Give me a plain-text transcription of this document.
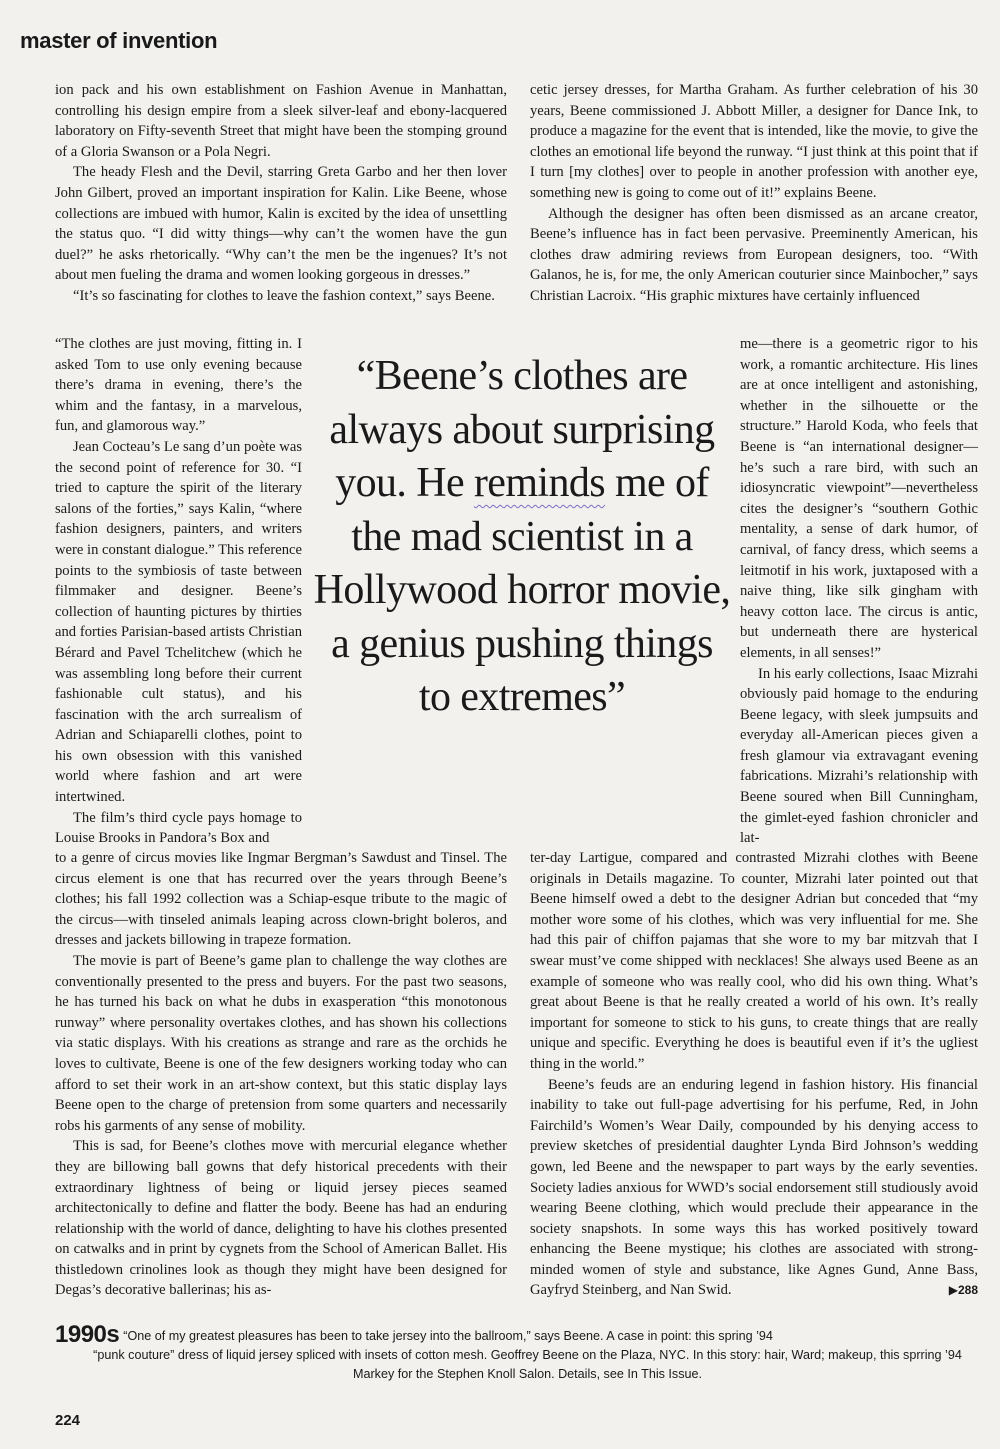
master of invention

ion pack and his own establishment on Fashion Avenue in Manhattan, controlling his design empire from a sleek silver-leaf and ebony-lacquered laboratory on Fifty-seventh Street that might have been the stomping ground of a Gloria Swanson or a Pola Negri.

The heady Flesh and the Devil, starring Greta Garbo and her then lover John Gilbert, proved an important inspiration for Kalin. Like Beene, whose collections are imbued with humor, Kalin is excited by the idea of unsettling the status quo. “I did witty things—why can’t the women have the gun duel?” he asks rhetorically. “Why can’t the men be the ingenues? It’s not about men fueling the drama and women looking gorgeous in dresses.”

“It’s so fascinating for clothes to leave the fashion context,” says Beene.

cetic jersey dresses, for Martha Graham. As further celebration of his 30 years, Beene commissioned J. Abbott Miller, a designer for Dance Ink, to produce a magazine for the event that is intended, like the movie, to give the clothes an emotional life beyond the runway. “I just think at this point that if I turn [my clothes] over to people in another profession with another eye, something new is going to come out of it!” explains Beene.

Although the designer has often been dismissed as an arcane creator, Beene’s influence has in fact been pervasive. Preeminently American, his clothes draw admiring reviews from European designers, too. “With Galanos, he is, for me, the only American couturier since Mainbocher,” says Christian Lacroix. “His graphic mixtures have certainly influenced

“The clothes are just moving, fitting in. I asked Tom to use only evening because there’s drama in evening, there’s the whim and the fantasy, in a marvelous, fun, and glamorous way.”

Jean Cocteau’s Le sang d’un poète was the second point of reference for 30. “I tried to capture the spirit of the literary salons of the forties,” says Kalin, “where fashion designers, painters, and writers were in constant dialogue.” This reference points to the symbiosis of taste between filmmaker and designer. Beene’s collection of haunting pictures by thirties and forties Parisian-based artists Christian Bérard and Pavel Tchelitchew (which he was assembling long before their current fashionable cult status), and his fascination with the arch surrealism of Adrian and Schiaparelli clothes, point to his own obsession with this vanished world where fashion and art were intertwined.

The film’s third cycle pays homage to Louise Brooks in Pandora’s Box and

“Beene’s clothes are always about surprising you. He reminds me of the mad scientist in a Hollywood horror movie, a genius pushing things to extremes”

me—there is a geometric rigor to his work, a romantic architecture. His lines are at once intelligent and astonishing, whether in the silhouette or the structure.” Harold Koda, who feels that Beene is “an international designer—he’s such a rare bird, with such an idiosyncratic viewpoint”—nevertheless cites the designer’s “southern Gothic mentality, a sense of dark humor, of carnival, of fancy dress, which seems a leitmotif in his work, juxtaposed with a naive thing, like silk gingham with heavy cotton lace. The circus is antic, but underneath there are hysterical elements, in all senses!”

In his early collections, Isaac Mizrahi obviously paid homage to the enduring Beene legacy, with sleek jumpsuits and everyday all-American pieces given a fresh glamour via extravagant evening fabrications. Mizrahi’s relationship with Beene soured when Bill Cunningham, the gimlet-eyed fashion chronicler and lat-

to a genre of circus movies like Ingmar Bergman’s Sawdust and Tinsel. The circus element is one that has recurred over the years through Beene’s clothes; his fall 1992 collection was a Schiap-esque tribute to the magic of the circus—with tinseled animals leaping across clown-bright boleros, and dresses and jackets billowing in trapeze formation.

The movie is part of Beene’s game plan to challenge the way clothes are conventionally presented to the press and buyers. For the past two seasons, he has turned his back on what he dubs in exasperation “this monotonous runway” where personality overtakes clothes, and has shown his collections via static displays. With his creations as strange and rare as the orchids he loves to cultivate, Beene is one of the few designers working today who can afford to set their work in an art-show context, but this static display lays Beene open to the charge of pretension from some quarters and necessarily robs his garments of any sense of mobility.

This is sad, for Beene’s clothes move with mercurial elegance whether they are billowing ball gowns that defy historical precedents with their extraordinary lightness of being or liquid jersey pieces seamed architectonically to define and flatter the body. Beene has had an enduring relationship with the world of dance, delighting to have his clothes presented on catwalks and in print by cygnets from the School of American Ballet. His thistledown crinolines look as though they might have been designed for Degas’s decorative ballerinas; his as-

ter-day Lartigue, compared and contrasted Mizrahi clothes with Beene originals in Details magazine. To counter, Mizrahi later pointed out that Beene himself owed a debt to the designer Adrian but conceded that “my mother wore some of his clothes, which was very influential for me. She had this pair of chiffon pajamas that she wore to my bar mitzvah that I swear must’ve come shipped with necklaces! She always used Beene as an example of someone who was really cool, who did his own thing. What’s great about Beene is that he really created a world of his own. It’s really important for someone to stick to his guns, to create things that are really unique and specific. Everything he does is beautiful even if it’s the ugliest thing in the world.”

Beene’s feuds are an enduring legend in fashion history. His financial inability to take out full-page advertising for his perfume, Red, in John Fairchild’s Women’s Wear Daily, compounded by his denying access to preview sketches of presidential daughter Lynda Bird Johnson’s wedding gown, led Beene and the newspaper to part ways by the early seventies. Society ladies anxious for WWD’s social endorsement still studiously avoid wearing Beene clothing, which would preclude their appearance in the society snapshots. In some ways this has worked positively toward enhancing the Beene mystique; his clothes are associated with strong-minded women of style and substance, like Agnes Gund, Anne Bass, Gayfryd Steinberg, and Nan Swid.	▶288

1990s “One of my greatest pleasures has been to take jersey into the ballroom,” says Beene. A case in point: this spring ’94
“punk couture” dress of liquid jersey spliced with insets of cotton mesh. Geoffrey Beene on the Plaza, NYC. In this story: hair, Ward; makeup, this sprring ’94
Markey for the Stephen Knoll Salon. Details, see In This Issue.
224
